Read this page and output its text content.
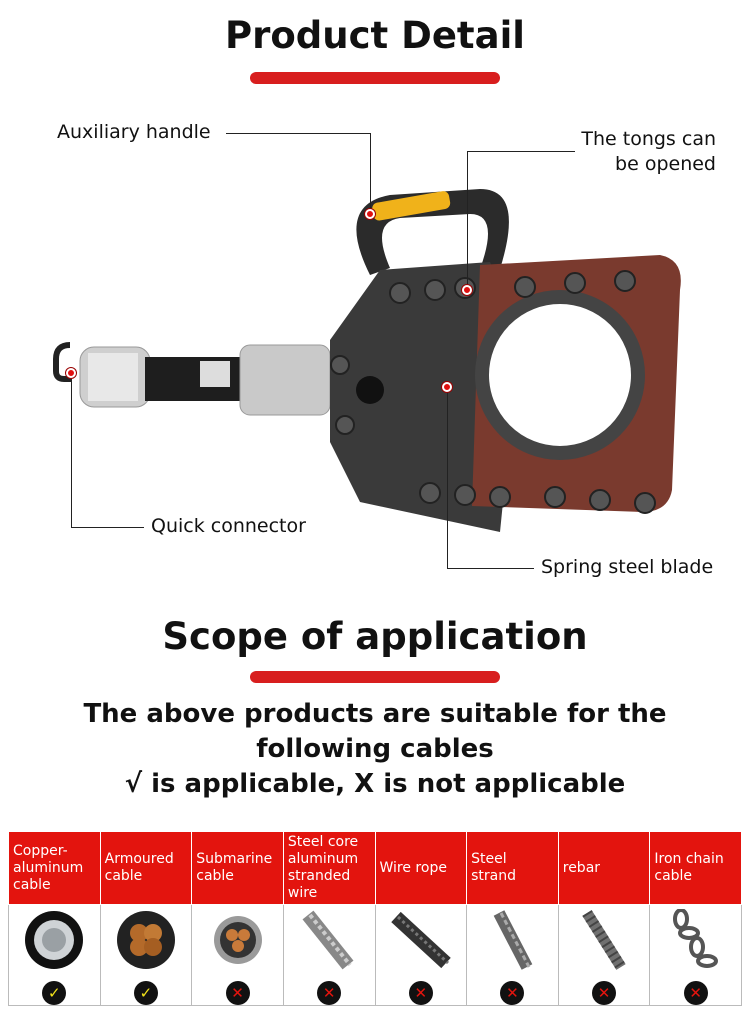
Product Detail
Auxiliary handle	The tongs can
be opened
Quick connector
Spring steel blade
Scope of application
The above products are suitable for the
following cables
√ is applicable, X is not applicable
Copper-aluminum cable	Armoured cable	Submarine cable	Steel core aluminum stranded wire	Wire rope	Steel strand	rebar	Iron chain cable

✓	✓	✕	✕	✕	✕	✕	✕
